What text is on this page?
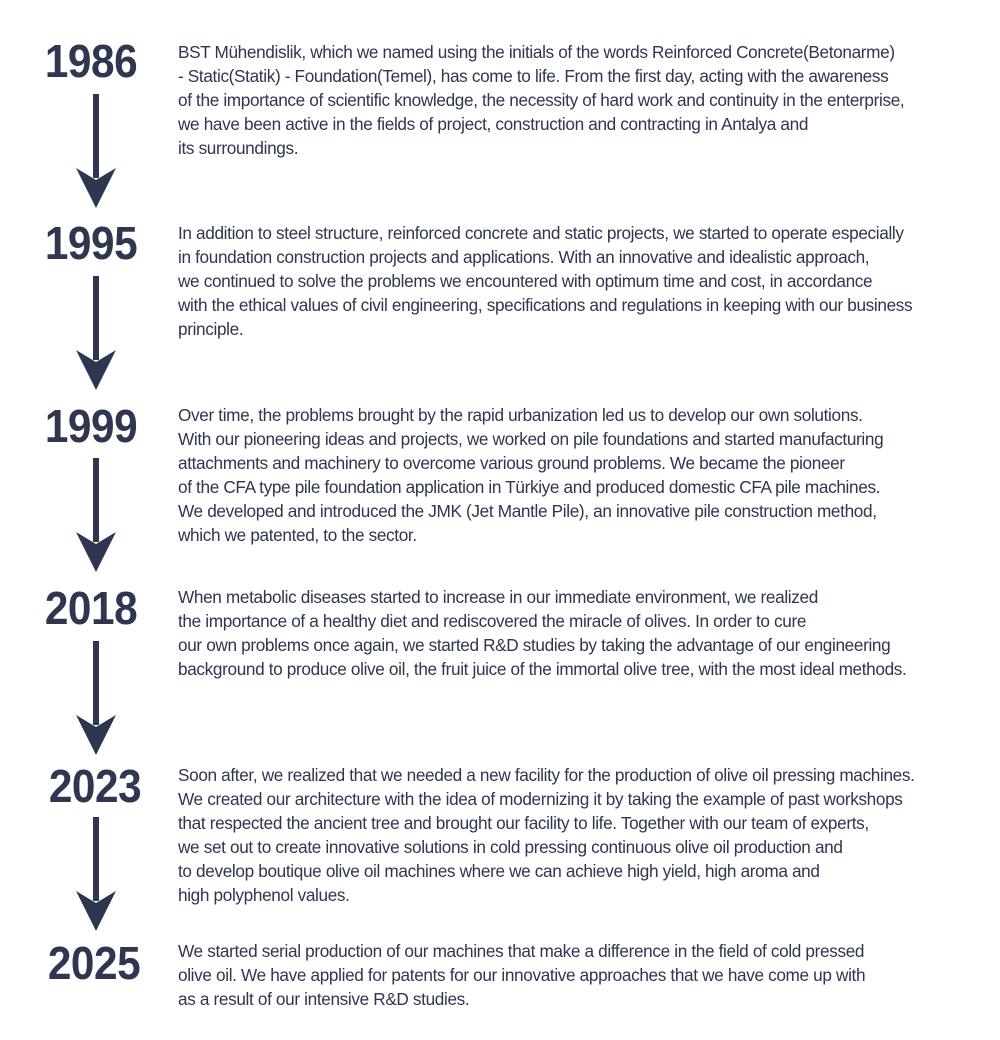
1986	BST Mühendislik, which we named using the initials of the words Reinforced Concrete(Betonarme)
- Static(Statik) - Foundation(Temel), has come to life. From the first day, acting with the awareness
of the importance of scientific knowledge, the necessity of hard work and continuity in the enterprise,
we have been active in the fields of project, construction and contracting in Antalya and
its surroundings.
1995	In addition to steel structure, reinforced concrete and static projects, we started to operate especially
in foundation construction projects and applications. With an innovative and idealistic approach,
we continued to solve the problems we encountered with optimum time and cost, in accordance
with the ethical values of civil engineering, specifications and regulations in keeping with our business
principle.
1999	Over time, the problems brought by the rapid urbanization led us to develop our own solutions.
With our pioneering ideas and projects, we worked on pile foundations and started manufacturing
attachments and machinery to overcome various ground problems. We became the pioneer
of the CFA type pile foundation application in Türkiye and produced domestic CFA pile machines.
We developed and introduced the JMK (Jet Mantle Pile), an innovative pile construction method,
which we patented, to the sector.
2018	When metabolic diseases started to increase in our immediate environment, we realized
the importance of a healthy diet and rediscovered the miracle of olives. In order to cure
our own problems once again, we started R&D studies by taking the advantage of our engineering
background to produce olive oil, the fruit juice of the immortal olive tree, with the most ideal methods.
2023	Soon after, we realized that we needed a new facility for the production of olive oil pressing machines.
We created our architecture with the idea of modernizing it by taking the example of past workshops
that respected the ancient tree and brought our facility to life. Together with our team of experts,
we set out to create innovative solutions in cold pressing continuous olive oil production and
to develop boutique olive oil machines where we can achieve high yield, high aroma and
high polyphenol values.
2025	We started serial production of our machines that make a difference in the field of cold pressed
olive oil. We have applied for patents for our innovative approaches that we have come up with
as a result of our intensive R&D studies.
